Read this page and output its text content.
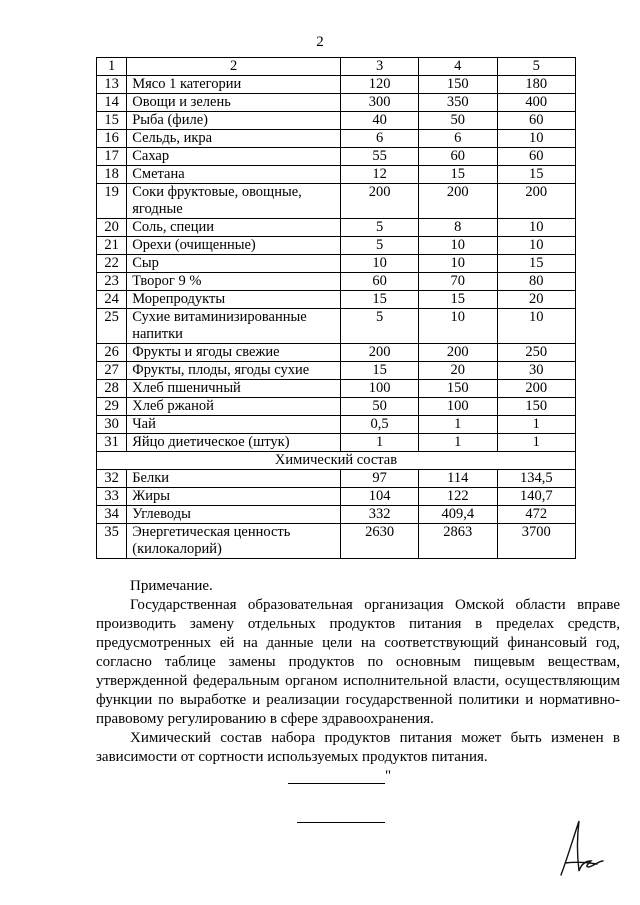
2
1	2	3	4	5
13	Мясо 1 категории	120	150	180
14	Овощи и зелень	300	350	400
15	Рыба (филе)	40	50	60
16	Сельдь, икра	6	6	10
17	Сахар	55	60	60
18	Сметана	12	15	15
19	Соки фруктовые, овощные, ягодные	200	200	200
20	Соль, специи	5	8	10
21	Орехи (очищенные)	5	10	10
22	Сыр	10	10	15
23	Творог 9 %	60	70	80
24	Морепродукты	15	15	20
25	Сухие витаминизированные напитки	5	10	10
26	Фрукты и ягоды свежие	200	200	250
27	Фрукты, плоды, ягоды сухие	15	20	30
28	Хлеб пшеничный	100	150	200
29	Хлеб ржаной	50	100	150
30	Чай	0,5	1	1
31	Яйцо диетическое (штук)	1	1	1
Химический состав				
32	Белки	97	114	134,5
33	Жиры	104	122	140,7
34	Углеводы	332	409,4	472
35	Энергетическая ценность (килокалорий)	2630	2863	3700

Примечание.

Государственная образовательная организация Омской области вправе производить замену отдельных продуктов питания в пределах средств, предусмотренных ей на данные цели на соответствующий финансовый год, согласно таблице замены продуктов по основным пищевым веществам, утвержденной федеральным органом исполнительной власти, осуществляющим функции по выработке и реализации государственной политики и нормативно-правовому регулированию в сфере здравоохранения.

Химический состав набора продуктов питания может быть изменен в зависимости от сортности используемых продуктов питания.

"
